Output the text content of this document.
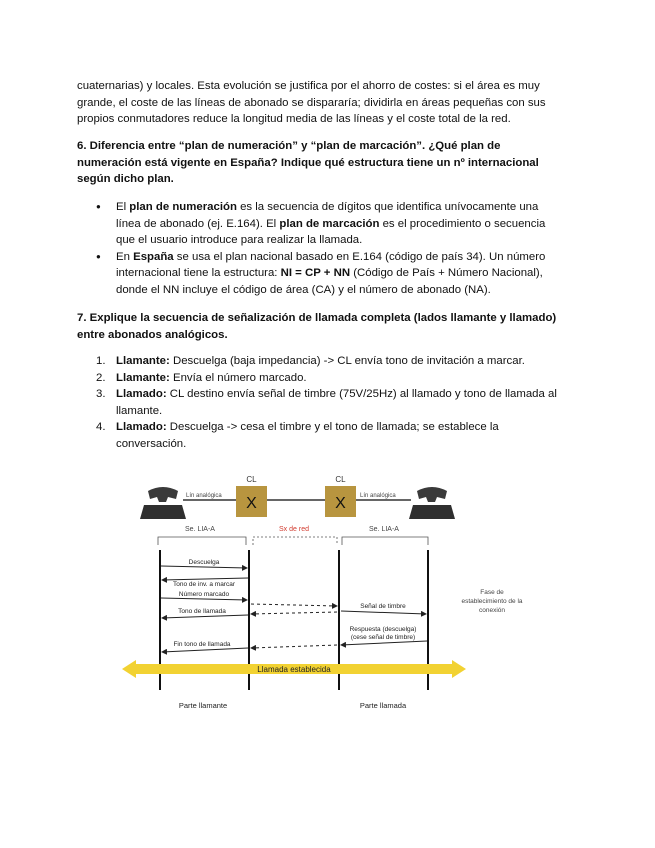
cuaternarias) y locales. Esta evolución se justifica por el ahorro de costes: si el área es muy
grande, el coste de las líneas de abonado se dispararía; dividirla en áreas pequeñas con sus
propios conmutadores reduce la longitud media de las líneas y el coste total de la red.

6. Diferencia entre “plan de numeración” y “plan de marcación”. ¿Qué plan de
numeración está vigente en España? Indique qué estructura tiene un nº internacional
según dicho plan.

● El plan de numeración es la secuencia de dígitos que identifica unívocamente una
línea de abonado (ej. E.164). El plan de marcación es el procedimiento o secuencia
que el usuario introduce para realizar la llamada.
● En España se usa el plan nacional basado en E.164 (código de país 34). Un número
internacional tiene la estructura: NI = CP + NN (Código de País + Número Nacional),
donde el NN incluye el código de área (CA) y el número de abonado (NA).

7. Explique la secuencia de señalización de llamada completa (lados llamante y llamado)
entre abonados analógicos.

1. Llamante: Descuelga (baja impedancia) -> CL envía tono de invitación a marcar.
2. Llamante: Envía el número marcado.
3. Llamado: CL destino envía señal de timbre (75V/25Hz) al llamado y tono de llamada al
llamante.
4. Llamado: Descuelga -> cesa el timbre y el tono de llamada; se establece la
conversación.
X	X
CL	CL
Lín analógica	Lín analógica
Se. LIA-A	Sx de red	Se. LIA-A
Descuelga
Tono de inv. a marcar
Número marcado
Señal de timbre
Tono de llamada
Respuesta (descuelga)
(cese señal de timbre)
Fin tono de llamada
Fase de
establecimiento de la
conexión
Llamada establecida
Parte llamante	Parte llamada
